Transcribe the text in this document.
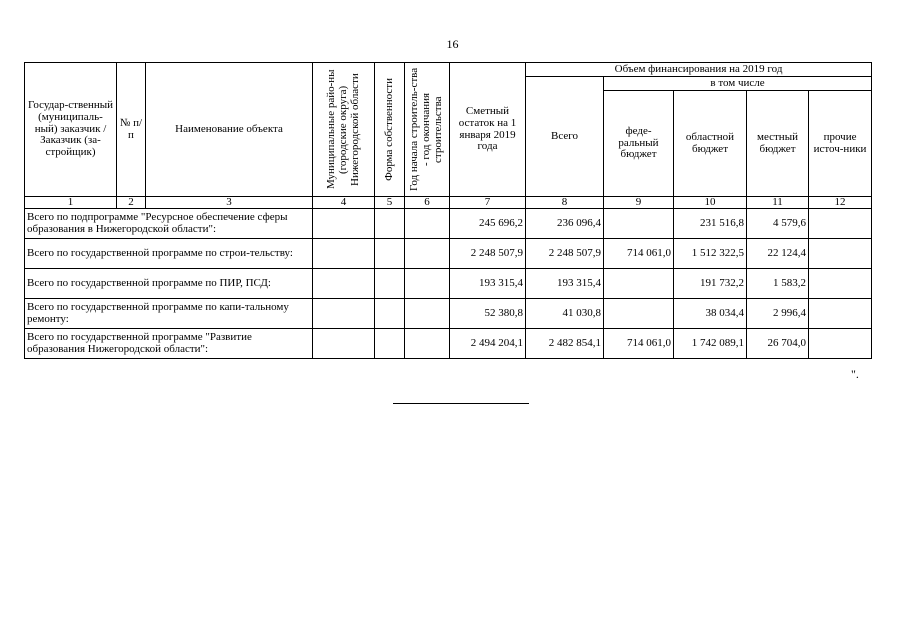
16
Государ-ственный (муниципаль-ный) заказчик /Заказчик (за-стройщик)	№ п/п	Наименование объекта	Муниципальные райо-ны (городские округа) Нижегородской области	Форма собственности	Год начала строитель-ства - год окончания строительства	Сметный остаток на 1 января 2019 года	Объем финансирования на 2019 год				
							Всего	в том числе			
								феде-ральный бюджет	областной бюджет	местный бюджет	прочие источ-ники
1	2	3	4	5	6	7	8	9	10	11	12
Всего по подпрограмме "Ресурсное обеспечение сферы образования в Нижегородской области":						245 696,2	236 096,4		231 516,8	4 579,6	
Всего по государственной программе по строи-тельству:						2 248 507,9	2 248 507,9	714 061,0	1 512 322,5	22 124,4	
Всего по государственной программе по ПИР, ПСД:						193 315,4	193 315,4		191 732,2	1 583,2	
Всего по государственной программе по капи-тальному ремонту:						52 380,8	41 030,8		38 034,4	2 996,4	
Всего по государственной программе "Развитие образования Нижегородской области":						2 494 204,1	2 482 854,1	714 061,0	1 742 089,1	26 704,0	
".
